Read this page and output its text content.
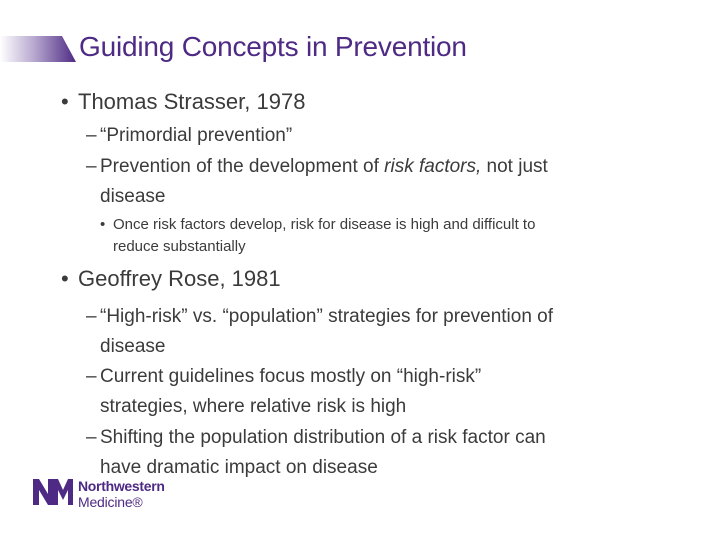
Guiding Concepts in Prevention
• Thomas Strasser, 1978
– “Primordial prevention”
– Prevention of the development of risk factors, not just
disease
• Once risk factors develop, risk for disease is high and difficult to
reduce substantially
• Geoffrey Rose, 1981
– “High-risk” vs. “population” strategies for prevention of
disease
– Current guidelines focus mostly on “high-risk”
strategies, where relative risk is high
– Shifting the population distribution of a risk factor can
have dramatic impact on disease
Northwestern
Medicine®
